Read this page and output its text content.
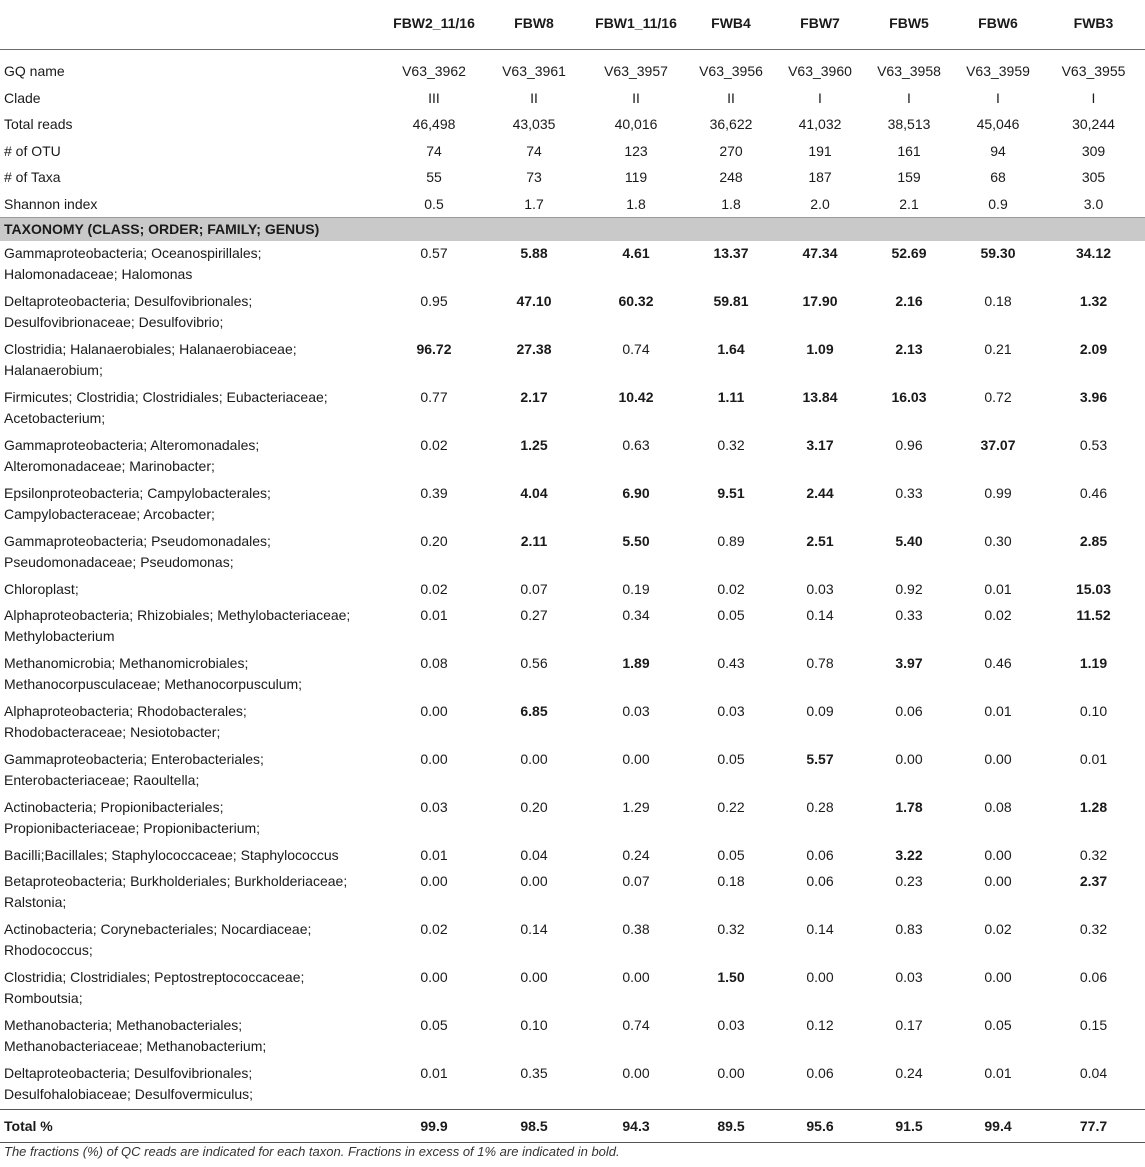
	FBW2_11/16	FBW8	FBW1_11/16	FWB4	FBW7	FBW5	FBW6	FWB3

GQ name	V63_3962	V63_3961	V63_3957	V63_3956	V63_3960	V63_3958	V63_3959	V63_3955
Clade	III	II	II	II	I	I	I	I
Total reads	46,498	43,035	40,016	36,622	41,032	38,513	45,046	30,244
# of OTU	74	74	123	270	191	161	94	309
# of Taxa	55	73	119	248	187	159	68	305
Shannon index	0.5	1.7	1.8	1.8	2.0	2.1	0.9	3.0
TAXONOMY (CLASS; ORDER; FAMILY; GENUS)								
Gammaproteobacteria; Oceanospirillales;
Halomonadaceae; Halomonas	0.57	5.88	4.61	13.37	47.34	52.69	59.30	34.12
Deltaproteobacteria; Desulfovibrionales;
Desulfovibrionaceae; Desulfovibrio;	0.95	47.10	60.32	59.81	17.90	2.16	0.18	1.32
Clostridia; Halanaerobiales; Halanaerobiaceae;
Halanaerobium;	96.72	27.38	0.74	1.64	1.09	2.13	0.21	2.09
Firmicutes; Clostridia; Clostridiales; Eubacteriaceae;
Acetobacterium;	0.77	2.17	10.42	1.11	13.84	16.03	0.72	3.96
Gammaproteobacteria; Alteromonadales;
Alteromonadaceae; Marinobacter;	0.02	1.25	0.63	0.32	3.17	0.96	37.07	0.53
Epsilonproteobacteria; Campylobacterales;
Campylobacteraceae; Arcobacter;	0.39	4.04	6.90	9.51	2.44	0.33	0.99	0.46
Gammaproteobacteria; Pseudomonadales;
Pseudomonadaceae; Pseudomonas;	0.20	2.11	5.50	0.89	2.51	5.40	0.30	2.85
Chloroplast;	0.02	0.07	0.19	0.02	0.03	0.92	0.01	15.03
Alphaproteobacteria; Rhizobiales; Methylobacteriaceae;
Methylobacterium	0.01	0.27	0.34	0.05	0.14	0.33	0.02	11.52
Methanomicrobia; Methanomicrobiales;
Methanocorpusculaceae; Methanocorpusculum;	0.08	0.56	1.89	0.43	0.78	3.97	0.46	1.19
Alphaproteobacteria; Rhodobacterales;
Rhodobacteraceae; Nesiotobacter;	0.00	6.85	0.03	0.03	0.09	0.06	0.01	0.10
Gammaproteobacteria; Enterobacteriales;
Enterobacteriaceae; Raoultella;	0.00	0.00	0.00	0.05	5.57	0.00	0.00	0.01
Actinobacteria; Propionibacteriales;
Propionibacteriaceae; Propionibacterium;	0.03	0.20	1.29	0.22	0.28	1.78	0.08	1.28
Bacilli;Bacillales; Staphylococcaceae; Staphylococcus	0.01	0.04	0.24	0.05	0.06	3.22	0.00	0.32
Betaproteobacteria; Burkholderiales; Burkholderiaceae;
Ralstonia;	0.00	0.00	0.07	0.18	0.06	0.23	0.00	2.37
Actinobacteria; Corynebacteriales; Nocardiaceae;
Rhodococcus;	0.02	0.14	0.38	0.32	0.14	0.83	0.02	0.32
Clostridia; Clostridiales; Peptostreptococcaceae;
Romboutsia;	0.00	0.00	0.00	1.50	0.00	0.03	0.00	0.06
Methanobacteria; Methanobacteriales;
Methanobacteriaceae; Methanobacterium;	0.05	0.10	0.74	0.03	0.12	0.17	0.05	0.15
Deltaproteobacteria; Desulfovibrionales;
Desulfohalobiaceae; Desulfovermiculus;	0.01	0.35	0.00	0.00	0.06	0.24	0.01	0.04
Total %	99.9	98.5	94.3	89.5	95.6	91.5	99.4	77.7
The fractions (%) of QC reads are indicated for each taxon. Fractions in excess of 1% are indicated in bold.
